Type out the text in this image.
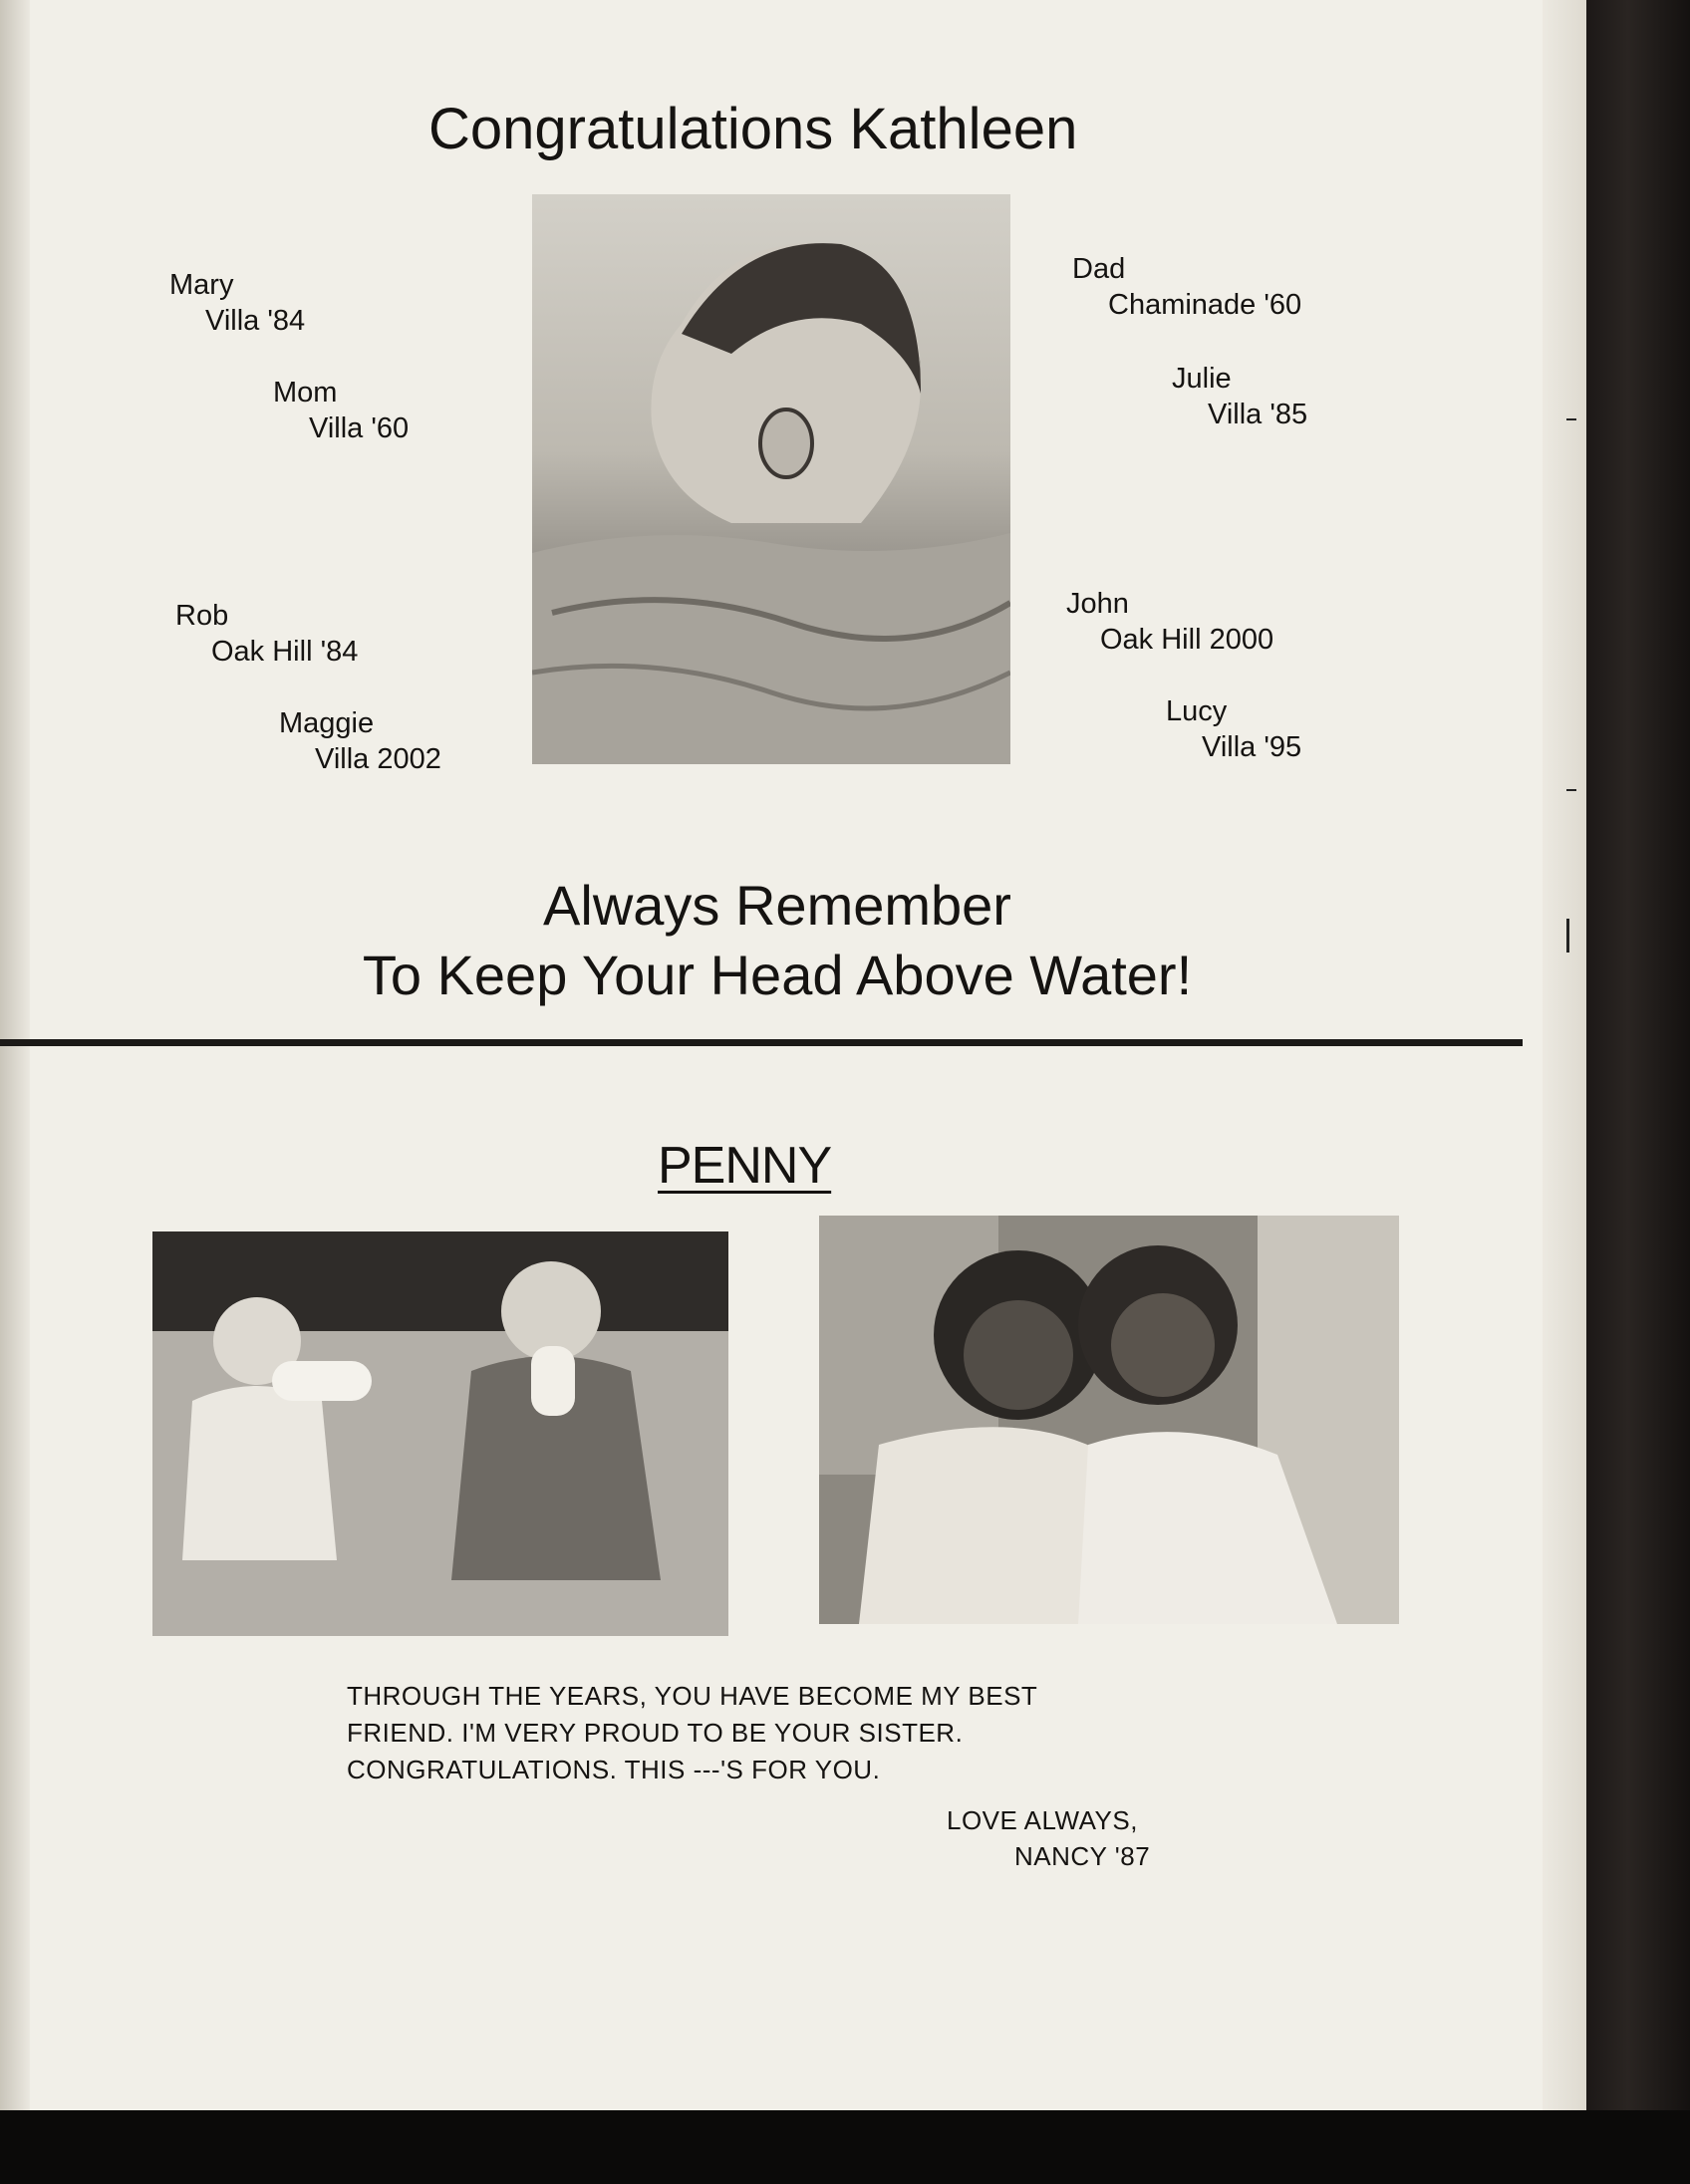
Congratulations Kathleen
Mary
Villa '84
Mom
Villa '60
Rob
Oak Hill '84
Maggie
Villa 2002
Dad
Chaminade '60
Julie
Villa '85
John
Oak Hill 2000
Lucy
Villa '95
Always Remember
To Keep Your Head Above Water!
PENNY
THROUGH THE YEARS, YOU HAVE BECOME MY BEST
FRIEND. I'M VERY PROUD TO BE YOUR SISTER.
CONGRATULATIONS. THIS ---'S FOR YOU.
LOVE ALWAYS,
NANCY '87
